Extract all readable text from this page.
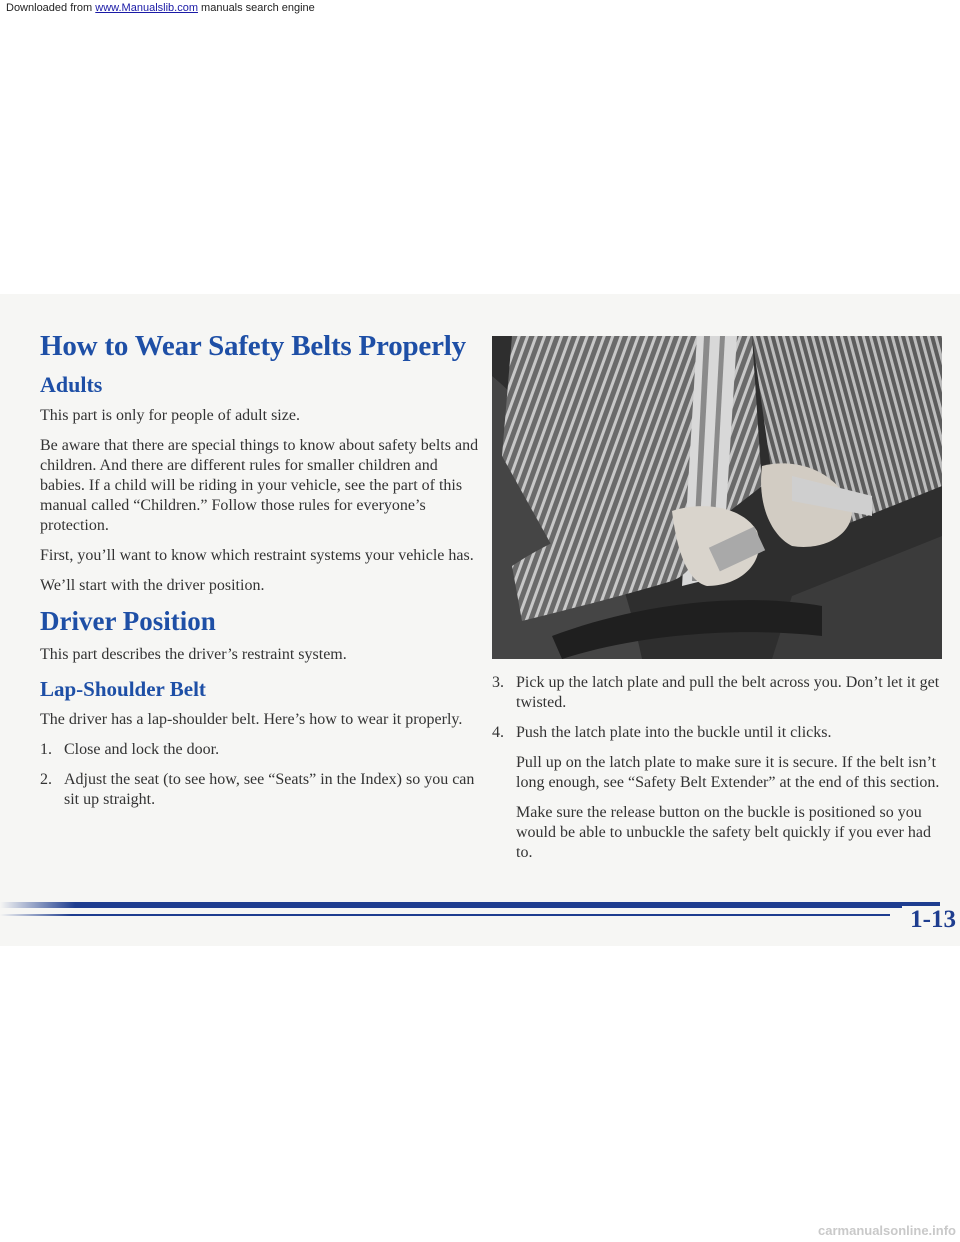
Downloaded from www.Manualslib.com manuals search engine
How to Wear Safety Belts Properly
Adults

This part is only for people of adult size.

Be aware that there are special things to know about safety belts and children. And there are different rules for smaller children and babies. If a child will be riding in your vehicle, see the part of this manual called “Children.” Follow those rules for everyone’s protection.

First, you’ll want to know which restraint systems your vehicle has.

We’ll start with the driver position.

Driver Position

This part describes the driver’s restraint system.

Lap-Shoulder Belt

The driver has a lap-shoulder belt. Here’s how to wear it properly.

1. Close and lock the door.
2. Adjust the seat (to see how, see “Seats” in the Index) so you can sit up straight.
3. Pick up the latch plate and pull the belt across you. Don’t let it get twisted.
4. Push the latch plate into the buckle until it clicks.

Pull up on the latch plate to make sure it is secure. If the belt isn’t long enough, see “Safety Belt Extender” at the end of this section.

Make sure the release button on the buckle is positioned so you would be able to unbuckle the safety belt quickly if you ever had to.

1-13
carmanualsonline.info
